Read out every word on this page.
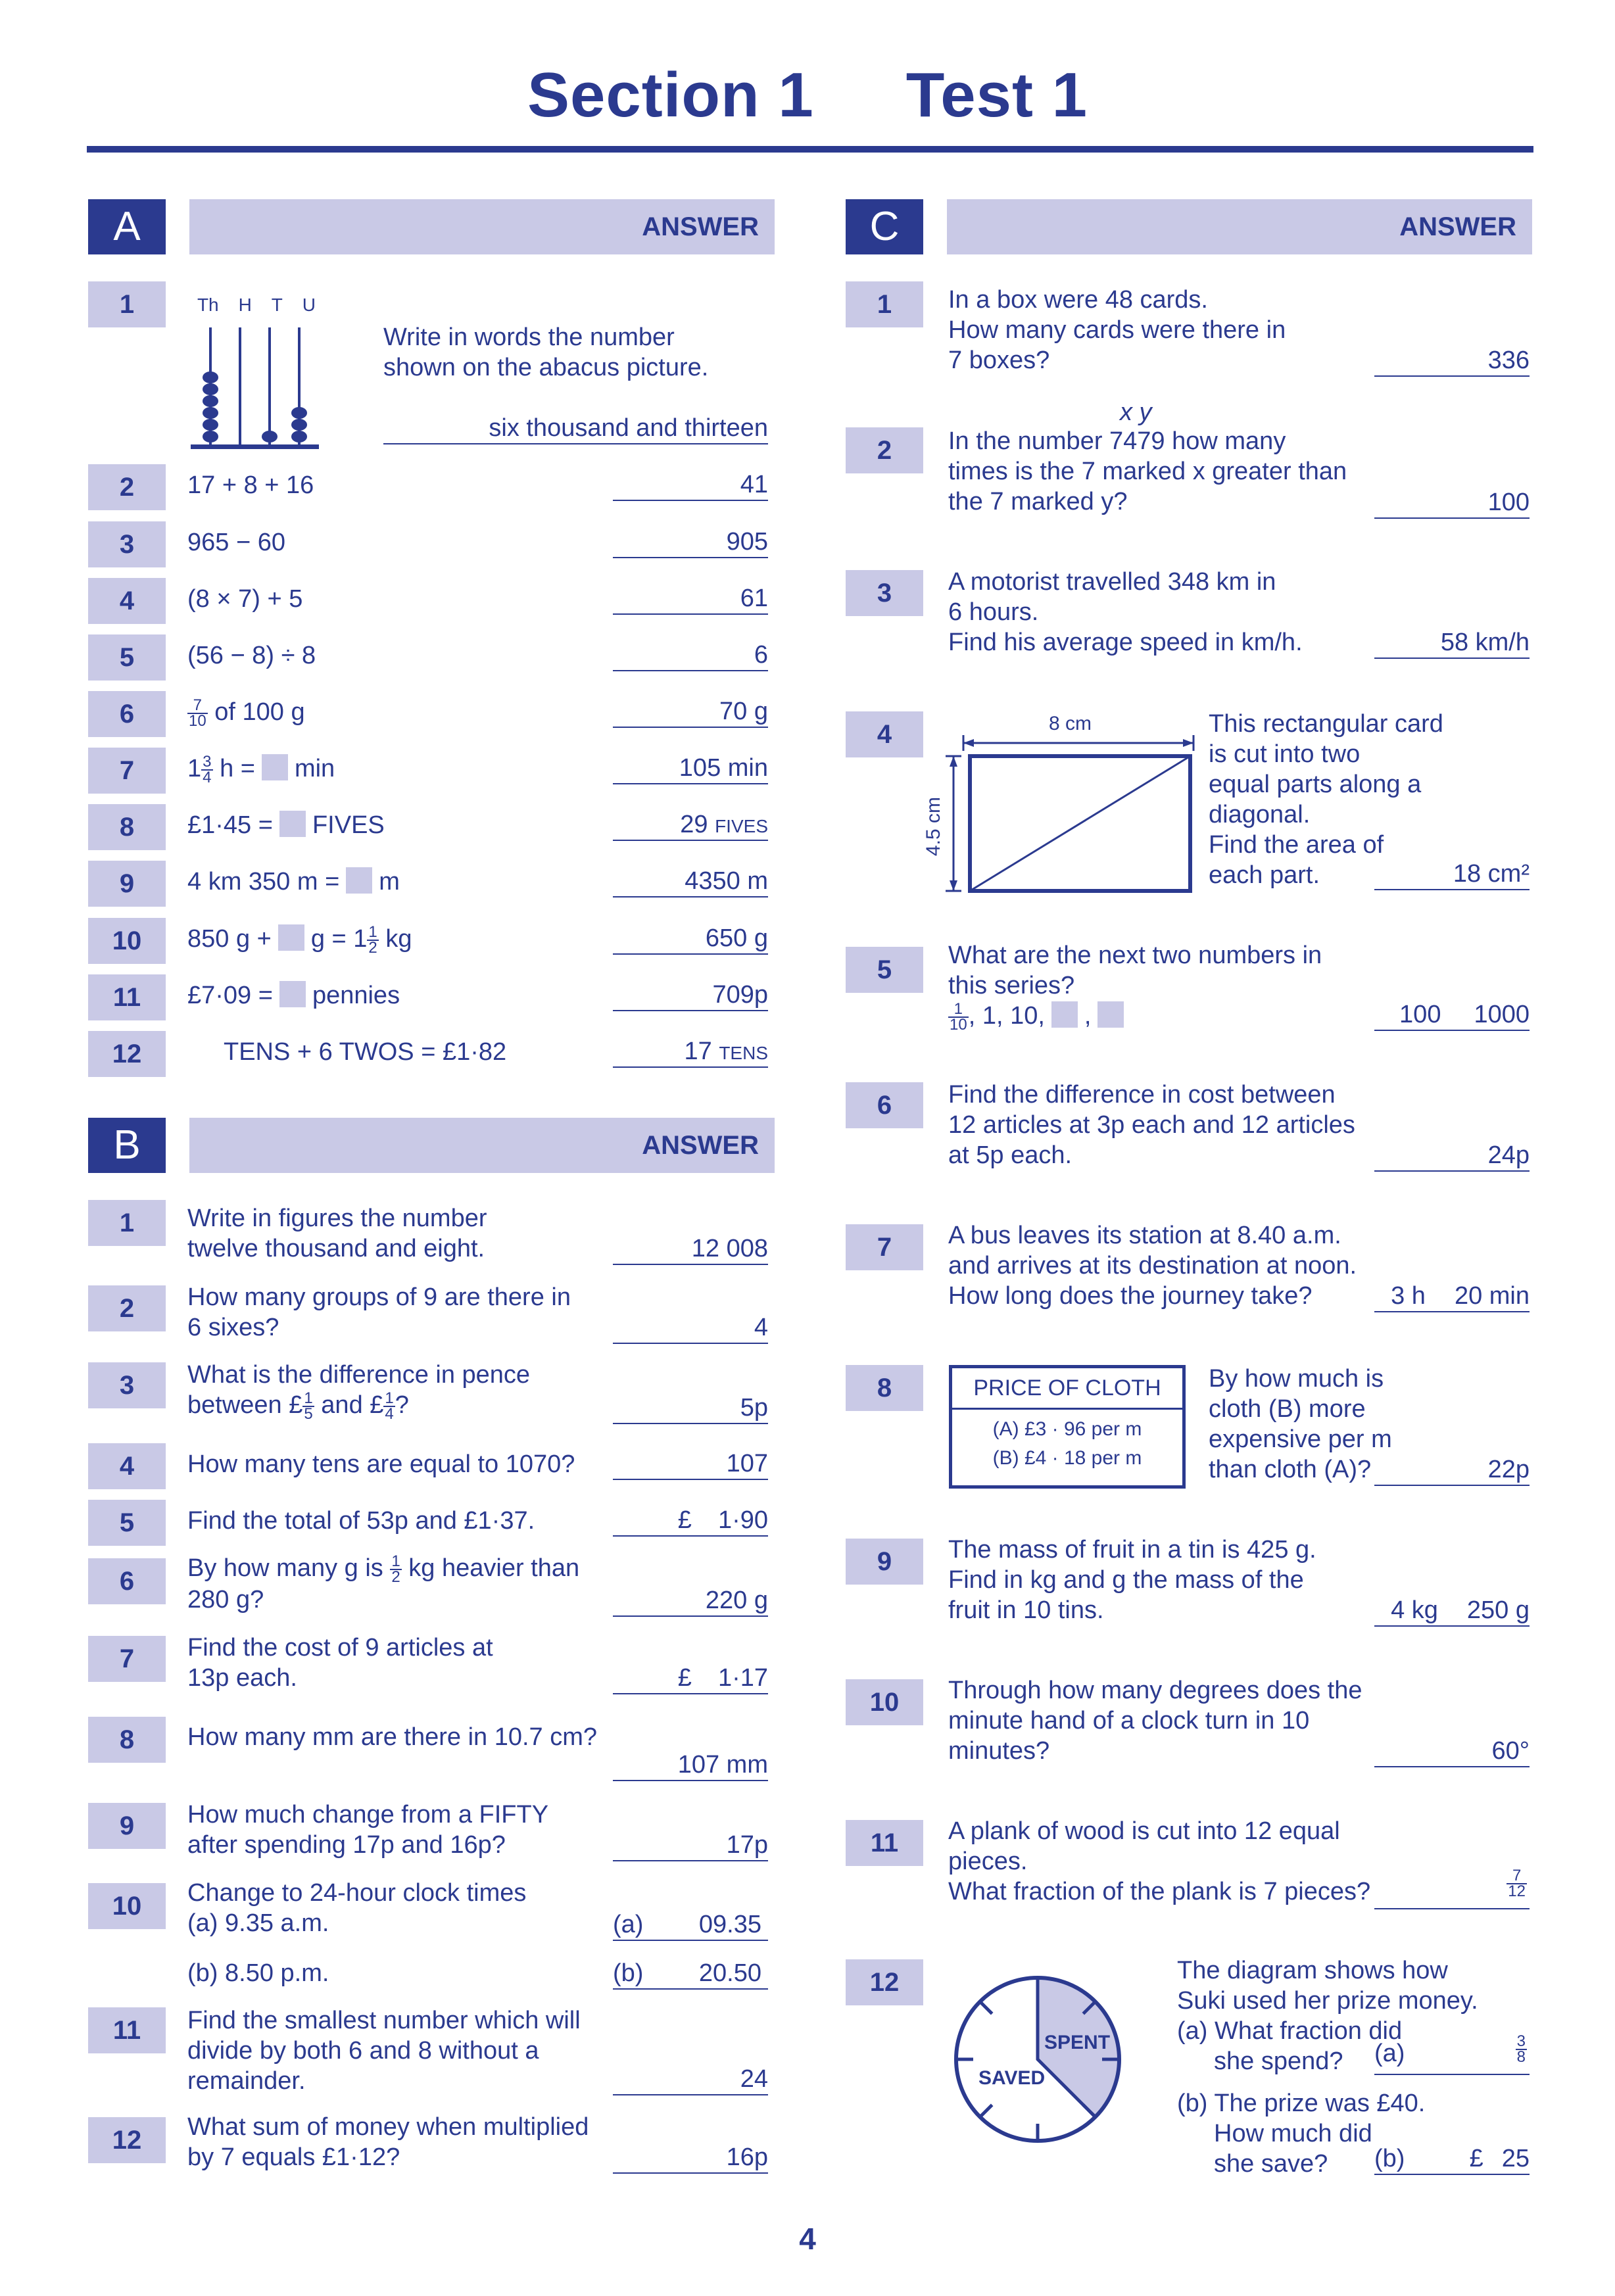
Section 1 Test 1
A	ANSWER
1	Th H T U
Write in words the number
shown on the abacus picture.
six thousand and thirteen
2	17 + 8 + 16	41
3	965 − 60	905
4	(8 × 7) + 5	61
5	(56 − 8) ÷ 8	6
6	$\frac{7}{10}$ of 100 g	70 g
7	$1 \frac{3}{4}$ h = min	105 min
8	£1·45 = FIVES	29 FIVES
9	4 km 350 m = m	4350 m
10	850 $g + g = 1 \frac{1}{2}$ kg	650 g
11	£7·09 = pennies	709p
12	TENS + 6 TWOS = £1·82	17 TENS
B	ANSWER
1	Write in figures the number
twelve thousand and eight.	12 008
2	How many groups of 9 are there in
6 sixes?	4
3	What is the difference in pence
between £ $\frac{1}{5}$ and £ $\frac{1}{4}$ ?	5p
4	How many tens are equal to 1070?	107
5	Find the total of 53p and £1·37.	£ 1·90
6	By how many g is $\frac{1}{2}$ kg heavier than
280 g?	220 g
7	Find the cost of 9 articles at
13p each.	£ 1·17
8	How many mm are there in 10.7 cm?
107 mm
9	How much change from a FIFTY
after spending 17p and 16p?	17p
10	Change to 24-hour clock times
(a) 9.35 a.m.	(a) 09.35
(b) 8.50 p.m.	(b) 20.50
11	Find the smallest number which will
divide by both 6 and 8 without a
remainder.	24
12	What sum of money when multiplied
by 7 equals £1·12?	16p
C	ANSWER
1	In a box were 48 cards.
How many cards were there in
7 boxes?	336
2
x y
In the number 7479 how many
times is the 7 marked x greater than
the 7 marked y?	100
3	A motorist travelled 348 km in
6 hours.
Find his average speed in km/h.	58 km/h
4	8 cm
4.5 cm
This rectangular card
is cut into two
equal parts along a
diagonal.
Find the area of
each part.	18 cm²
5	What are the next two numbers in
this series?
$\frac{1}{10}$ , 1, 10, ,	100 1000
6	Find the difference in cost between
12 articles at 3p each and 12 articles
at 5p each.	24p
7	A bus leaves its station at 8.40 a.m.
and arrives at its destination at noon.
How long does the journey take?	3 h 20 min
8	PRICE OF CLOTH
(A) £3 · 96 per m
(B) £4 · 18 per m
By how much is
cloth (B) more
expensive per m
than cloth (A)?	22p
9	The mass of fruit in a tin is 425 g.
Find in kg and g the mass of the
fruit in 10 tins.	4 kg 250 g
10	Through how many degrees does the
minute hand of a clock turn in 10
minutes?	60°
11	A plank of wood is cut into 12 equal
pieces.
What fraction of the plank is 7 pieces?	$\frac{7}{12}$
12
SPENT
SAVED
The diagram shows how
Suki used her prize money.
(a) What fraction did
she spend?	(a)	$\frac{3}{8}$
(b) The prize was £40.
How much did
she save?	(b)	£ 25
4
